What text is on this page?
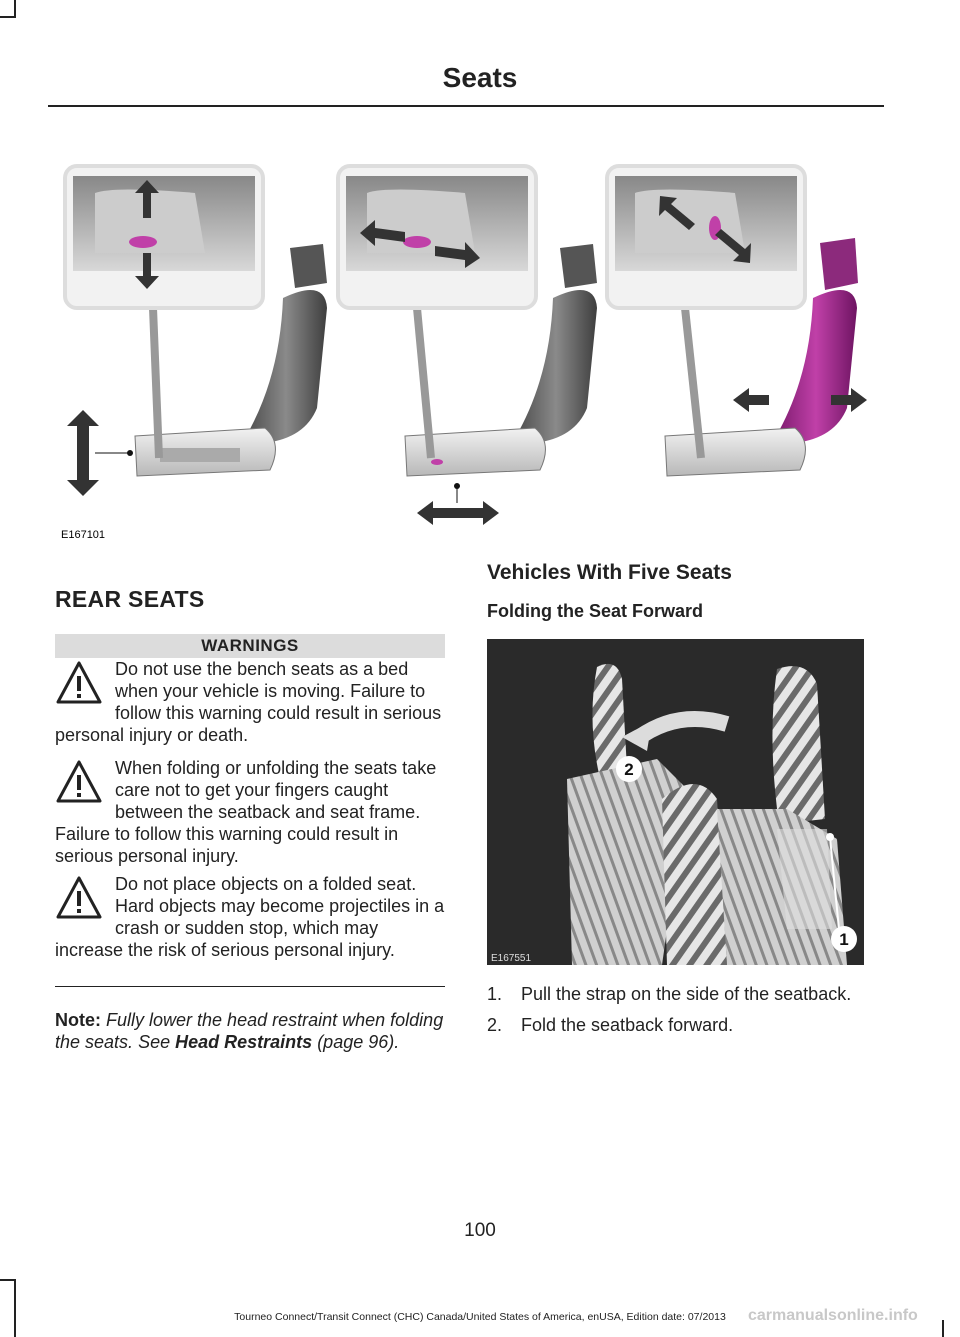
Seats
E167101
REAR SEATS
WARNINGS
Do not use the bench seats as a bed when your vehicle is moving. Failure to follow this warning could result in serious personal injury or death.
When folding or unfolding the seats take care not to get your fingers caught between the seatback and seat frame. Failure to follow this warning could result in serious personal injury.
Do not place objects on a folded seat. Hard objects may become projectiles in a crash or sudden stop, which may increase the risk of serious personal injury.
Note: Fully lower the head restraint when folding the seats. See Head Restraints (page 96).
Vehicles With Five Seats
Folding the Seat Forward
2
1
E167551
1.	Pull the strap on the side of the seatback.
2.	Fold the seatback forward.
100
Tourneo Connect/Transit Connect (CHC) Canada/United States of America, enUSA, Edition date: 07/2013	carmanualsonline.info
